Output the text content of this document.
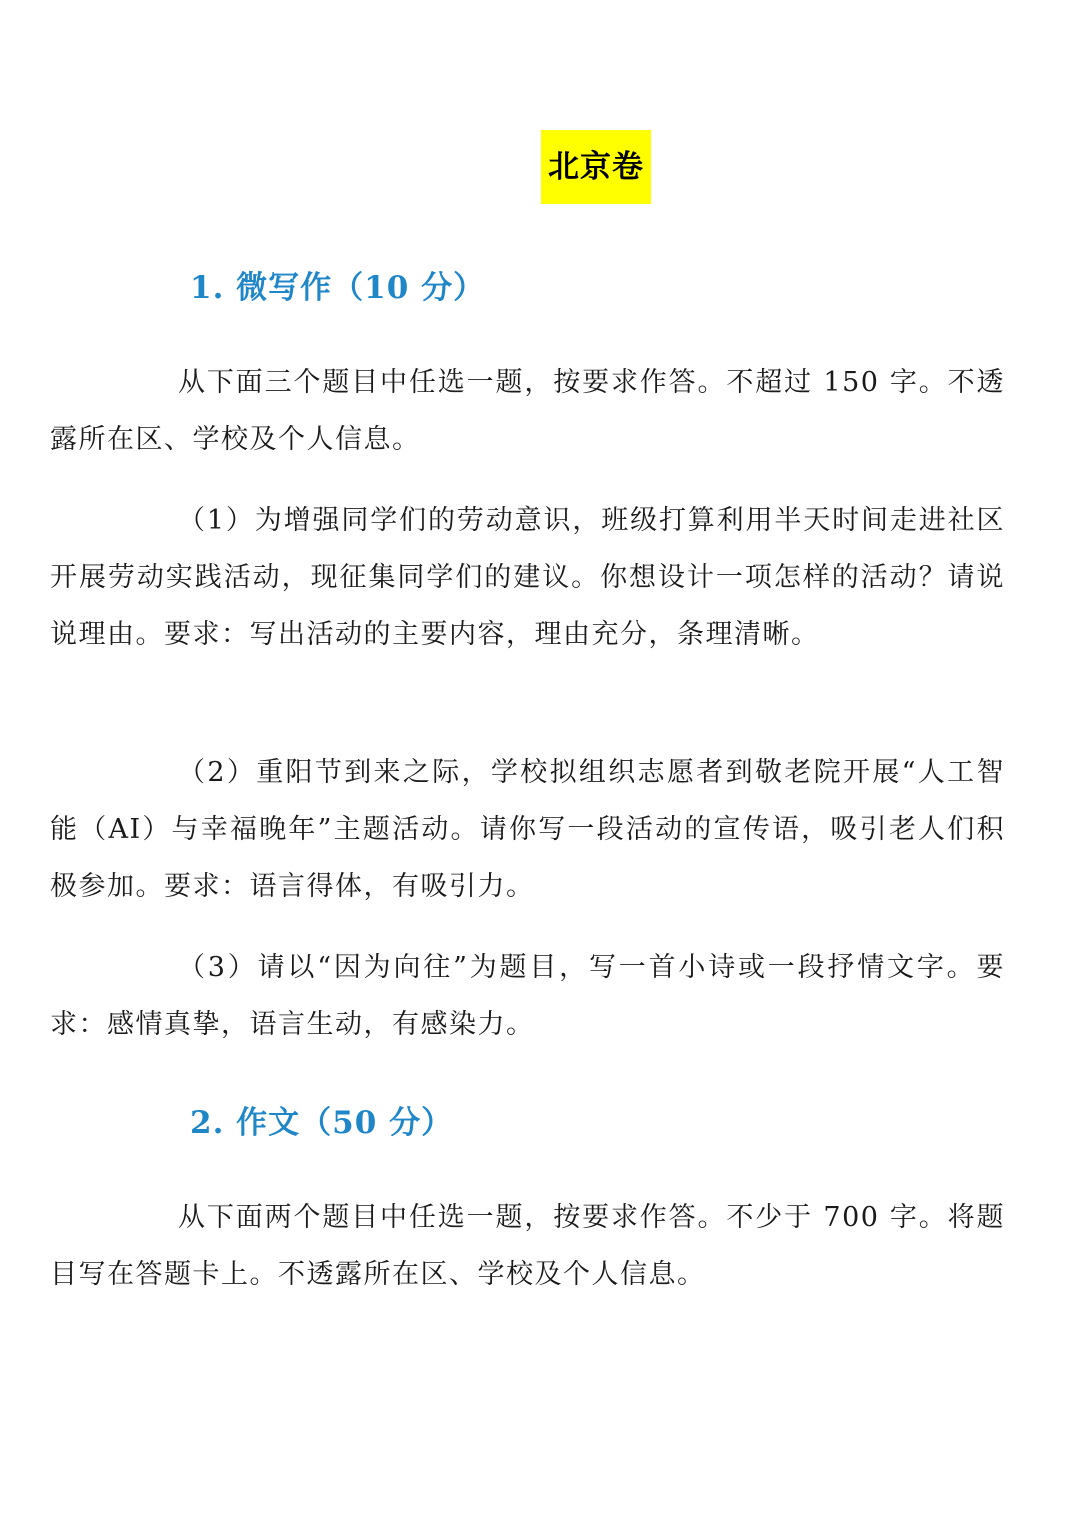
北京卷
1. 微写作（10 分）

从下面三个题目中任选一题，按要求作答。不超过 150 字。不透露所在区、学校及个人信息。

（1）为增强同学们的劳动意识，班级打算利用半天时间走进社区开展劳动实践活动，现征集同学们的建议。你想设计一项怎样的活动？请说说理由。要求：写出活动的主要内容，理由充分，条理清晰。

（2）重阳节到来之际，学校拟组织志愿者到敬老院开展“人工智能（AI）与幸福晚年”主题活动。请你写一段活动的宣传语，吸引老人们积极参加。要求：语言得体，有吸引力。

（3）请以“因为向往”为题目，写一首小诗或一段抒情文字。要求：感情真挚，语言生动，有感染力。

2. 作文（50 分）

从下面两个题目中任选一题，按要求作答。不少于 700 字。将题目写在答题卡上。不透露所在区、学校及个人信息。
